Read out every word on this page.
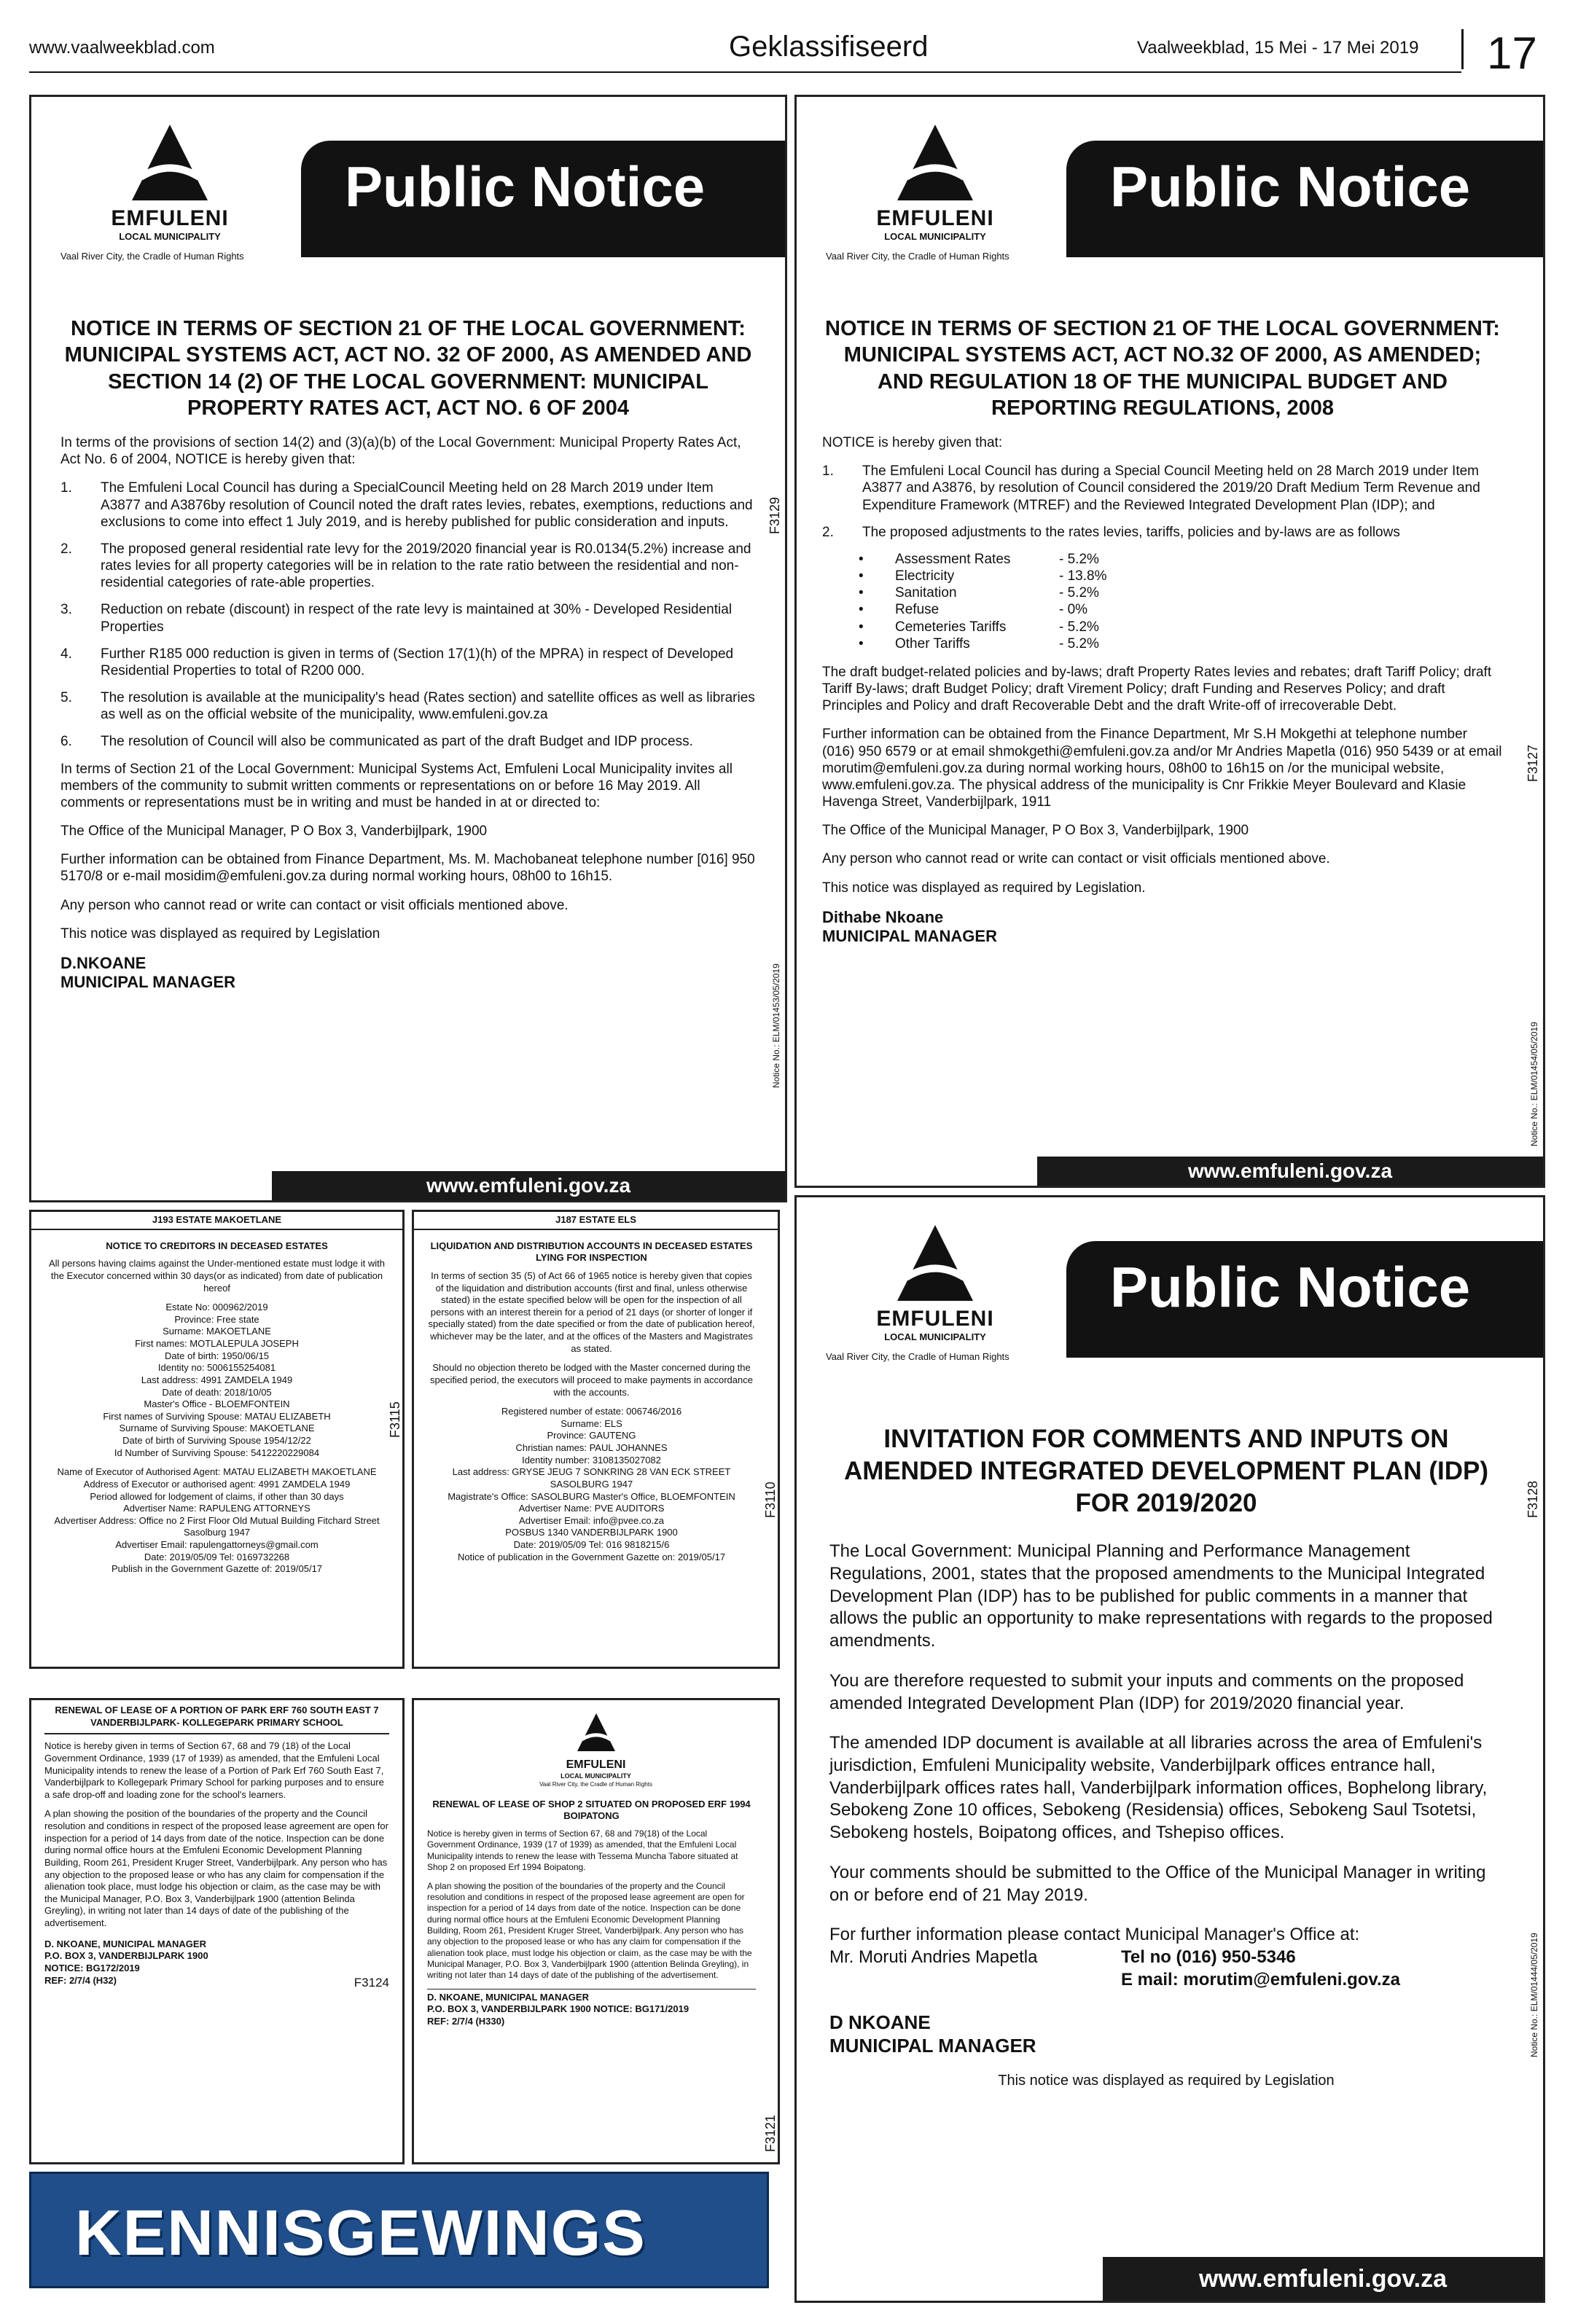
www.vaalweekblad.com	Geklassifiseerd	Vaalweekblad, 15 Mei - 17 Mei 2019 17
EMFULENI
LOCAL MUNICIPALITY
Vaal River City, the Cradle of Human Rights
Public Notice
NOTICE IN TERMS OF SECTION 21 OF THE LOCAL GOVERNMENT: MUNICIPAL SYSTEMS ACT, ACT NO. 32 OF 2000, AS AMENDED AND SECTION 14 (2) OF THE LOCAL GOVERNMENT: MUNICIPAL PROPERTY RATES ACT, ACT NO. 6 OF 2004
In terms of the provisions of section 14(2) and (3)(a)(b) of the Local Government: Municipal Property Rates Act, Act No. 6 of 2004, NOTICE is hereby given that:
1.	The Emfuleni Local Council has during a SpecialCouncil Meeting held on 28 March 2019 under Item A3877 and A3876by resolution of Council noted the draft rates levies, rebates, exemptions, reductions and exclusions to come into effect 1 July 2019, and is hereby published for public consideration and inputs.
2.	The proposed general residential rate levy for the 2019/2020 financial year is R0.0134(5.2%) increase and rates levies for all property categories will be in relation to the rate ratio between the residential and non-residential categories of rate-able properties.
3.	Reduction on rebate (discount) in respect of the rate levy is maintained at 30% - Developed Residential Properties
4.	Further R185 000 reduction is given in terms of (Section 17(1)(h) of the MPRA) in respect of Developed Residential Properties to total of R200 000.
5.	The resolution is available at the municipality's head (Rates section) and satellite offices as well as libraries as well as on the official website of the municipality, www.emfuleni.gov.za
6.	The resolution of Council will also be communicated as part of the draft Budget and IDP process.
In terms of Section 21 of the Local Government: Municipal Systems Act, Emfuleni Local Municipality invites all members of the community to submit written comments or representations on or before 16 May 2019. All comments or representations must be in writing and must be handed in at or directed to:
The Office of the Municipal Manager, P O Box 3, Vanderbijlpark, 1900
Further information can be obtained from Finance Department, Ms. M. Machobaneat telephone number [016] 950 5170/8 or e-mail mosidim@emfuleni.gov.za during normal working hours, 08h00 to 16h15.
Any person who cannot read or write can contact or visit officials mentioned above.
This notice was displayed as required by Legislation
D.NKOANE
MUNICIPAL MANAGER
F3129
Notice No.: ELM/01453/05/2019
www.emfuleni.gov.za
EMFULENI
LOCAL MUNICIPALITY
Vaal River City, the Cradle of Human Rights
Public Notice
NOTICE IN TERMS OF SECTION 21 OF THE LOCAL GOVERNMENT: MUNICIPAL SYSTEMS ACT, ACT NO.32 OF 2000, AS AMENDED; AND REGULATION 18 OF THE MUNICIPAL BUDGET AND REPORTING REGULATIONS, 2008
NOTICE is hereby given that:
1.	The Emfuleni Local Council has during a Special Council Meeting held on 28 March 2019 under Item A3877 and A3876, by resolution of Council considered the 2019/20 Draft Medium Term Revenue and Expenditure Framework (MTREF) and the Reviewed Integrated Development Plan (IDP); and
2.	The proposed adjustments to the rates levies, tariffs, policies and by-laws are as follows
•	Assessment Rates	- 5.2%
•	Electricity	- 13.8%
•	Sanitation	- 5.2%
•	Refuse	- 0%
•	Cemeteries Tariffs	- 5.2%
•	Other Tariffs	- 5.2%
The draft budget-related policies and by-laws; draft Property Rates levies and rebates; draft Tariff Policy; draft Tariff By-laws; draft Budget Policy; draft Virement Policy; draft Funding and Reserves Policy; and draft Principles and Policy and draft Recoverable Debt and the draft Write-off of irrecoverable Debt.
Further information can be obtained from the Finance Department, Mr S.H Mokgethi at telephone number (016) 950 6579 or at email shmokgethi@emfuleni.gov.za and/or Mr Andries Mapetla (016) 950 5439 or at email morutim@emfuleni.gov.za during normal working hours, 08h00 to 16h15 on /or the municipal website, www.emfuleni.gov.za. The physical address of the municipality is Cnr Frikkie Meyer Boulevard and Klasie Havenga Street, Vanderbijlpark, 1911
The Office of the Municipal Manager, P O Box 3, Vanderbijlpark, 1900
Any person who cannot read or write can contact or visit officials mentioned above.
This notice was displayed as required by Legislation.
Dithabe Nkoane
MUNICIPAL MANAGER
F3127
Notice No.: ELM/01454/05/2019
www.emfuleni.gov.za
EMFULENI
LOCAL MUNICIPALITY
Vaal River City, the Cradle of Human Rights
Public Notice
INVITATION FOR COMMENTS AND INPUTS ON AMENDED INTEGRATED DEVELOPMENT PLAN (IDP) FOR 2019/2020
The Local Government: Municipal Planning and Performance Management Regulations, 2001, states that the proposed amendments to the Municipal Integrated Development Plan (IDP) has to be published for public comments in a manner that allows the public an opportunity to make representations with regards to the proposed amendments.
You are therefore requested to submit your inputs and comments on the proposed amended Integrated Development Plan (IDP) for 2019/2020 financial year.
The amended IDP document is available at all libraries across the area of Emfuleni's jurisdiction, Emfuleni Municipality website, Vanderbijlpark offices entrance hall, Vanderbijlpark offices rates hall, Vanderbijlpark information offices, Bophelong library, Sebokeng Zone 10 offices, Sebokeng (Residensia) offices, Sebokeng Saul Tsotetsi, Sebokeng hostels, Boipatong offices, and Tshepiso offices.
Your comments should be submitted to the Office of the Municipal Manager in writing on or before end of 21 May 2019.
For further information please contact Municipal Manager's Office at:
Mr. Moruti Andries Mapetla	Tel no (016) 950-5346
E mail: morutim@emfuleni.gov.za
D NKOANE
MUNICIPAL MANAGER
This notice was displayed as required by Legislation
F3128
Notice No.: ELM/01444/05/2019
www.emfuleni.gov.za
J193 ESTATE MAKOETLANE
NOTICE TO CREDITORS IN DECEASED ESTATES
All persons having claims against the Under-mentioned estate must lodge it with the Executor concerned within 30 days(or as indicated) from date of publication hereof
Estate No: 000962/2019
Province: Free state
Surname: MAKOETLANE
First names: MOTLALEPULA JOSEPH
Date of birth: 1950/06/15
Identity no: 5006155254081
Last address: 4991 ZAMDELA 1949
Date of death: 2018/10/05
Master's Office - BLOEMFONTEIN
First names of Surviving Spouse: MATAU ELIZABETH
Surname of Surviving Spouse: MAKOETLANE
Date of birth of Surviving Spouse 1954/12/22
Id Number of Surviving Spouse: 5412220229084
Name of Executor of Authorised Agent: MATAU ELIZABETH MAKOETLANE
Address of Executor or authorised agent: 4991 ZAMDELA 1949
Period allowed for lodgement of claims, if other than 30 days
Advertiser Name: RAPULENG ATTORNEYS
Advertiser Address: Office no 2 First Floor Old Mutual Building Fitchard Street Sasolburg 1947
Advertiser Email: rapulengattorneys@gmail.com
Date: 2019/05/09 Tel: 0169732268
Publish in the Government Gazette of: 2019/05/17
F3115
J187 ESTATE ELS
LIQUIDATION AND DISTRIBUTION ACCOUNTS IN DECEASED ESTATES LYING FOR INSPECTION
In terms of section 35 (5) of Act 66 of 1965 notice is hereby given that copies of the liquidation and distribution accounts (first and final, unless otherwise stated) in the estate specified below will be open for the inspection of all persons with an interest therein for a period of 21 days (or shorter of longer if specially stated) from the date specified or from the date of publication hereof, whichever may be the later, and at the offices of the Masters and Magistrates as stated.
Should no objection thereto be lodged with the Master concerned during the specified period, the executors will proceed to make payments in accordance with the accounts.
Registered number of estate: 006746/2016
Surname: ELS
Province: GAUTENG
Christian names: PAUL JOHANNES
Identity number: 3108135027082
Last address: GRYSE JEUG 7 SONKRING 28 VAN ECK STREET SASOLBURG 1947
Magistrate's Office: SASOLBURG Master's Office, BLOEMFONTEIN
Advertiser Name: PVE AUDITORS
Advertiser Email: info@pvee.co.za
POSBUS 1340 VANDERBIJLPARK 1900
Date: 2019/05/09 Tel: 016 9818215/6
Notice of publication in the Government Gazette on: 2019/05/17
F3110
RENEWAL OF LEASE OF A PORTION OF PARK ERF 760 SOUTH EAST 7 VANDERBIJLPARK- KOLLEGEPARK PRIMARY SCHOOL
Notice is hereby given in terms of Section 67, 68 and 79 (18) of the Local Government Ordinance, 1939 (17 of 1939) as amended, that the Emfuleni Local Municipality intends to renew the lease of a Portion of Park Erf 760 South East 7, Vanderbijlpark to Kollegepark Primary School for parking purposes and to ensure a safe drop-off and loading zone for the school's learners.
A plan showing the position of the boundaries of the property and the Council resolution and conditions in respect of the proposed lease agreement are open for inspection for a period of 14 days from date of the notice. Inspection can be done during normal office hours at the Emfuleni Economic Development Planning Building, Room 261, President Kruger Street, Vanderbijlpark. Any person who has any objection to the proposed lease or who has any claim for compensation if the alienation took place, must lodge his objection or claim, as the case may be with the Municipal Manager, P.O. Box 3, Vanderbijlpark 1900 (attention Belinda Greyling), in writing not later than 14 days of date of the publishing of the advertisement.
D. NKOANE, MUNICIPAL MANAGER
P.O. BOX 3, VANDERBIJLPARK 1900
NOTICE: BG172/2019
REF: 2/7/4 (H32)	F3124
EMFULENI
LOCAL MUNICIPALITY
Vaal River City, the Cradle of Human Rights
RENEWAL OF LEASE OF SHOP 2 SITUATED ON PROPOSED ERF 1994 BOIPATONG
Notice is hereby given in terms of Section 67, 68 and 79(18) of the Local Government Ordinance, 1939 (17 of 1939) as amended, that the Emfuleni Local Municipality intends to renew the lease with Tessema Muncha Tabore situated at Shop 2 on proposed Erf 1994 Boipatong.
A plan showing the position of the boundaries of the property and the Council resolution and conditions in respect of the proposed lease agreement are open for inspection for a period of 14 days from date of the notice. Inspection can be done during normal office hours at the Emfuleni Economic Development Planning Building, Room 261, President Kruger Street, Vanderbijlpark. Any person who has any objection to the proposed lease or who has any claim for compensation if the alienation took place, must lodge his objection or claim, as the case may be with the Municipal Manager, P.O. Box 3, Vanderbijlpark 1900 (attention Belinda Greyling), in writing not later than 14 days of date of the publishing of the advertisement.
D. NKOANE, MUNICIPAL MANAGER
P.O. BOX 3, VANDERBIJLPARK 1900 NOTICE: BG171/2019
REF: 2/7/4 (H330)
F3121
KENNISGEWINGS
